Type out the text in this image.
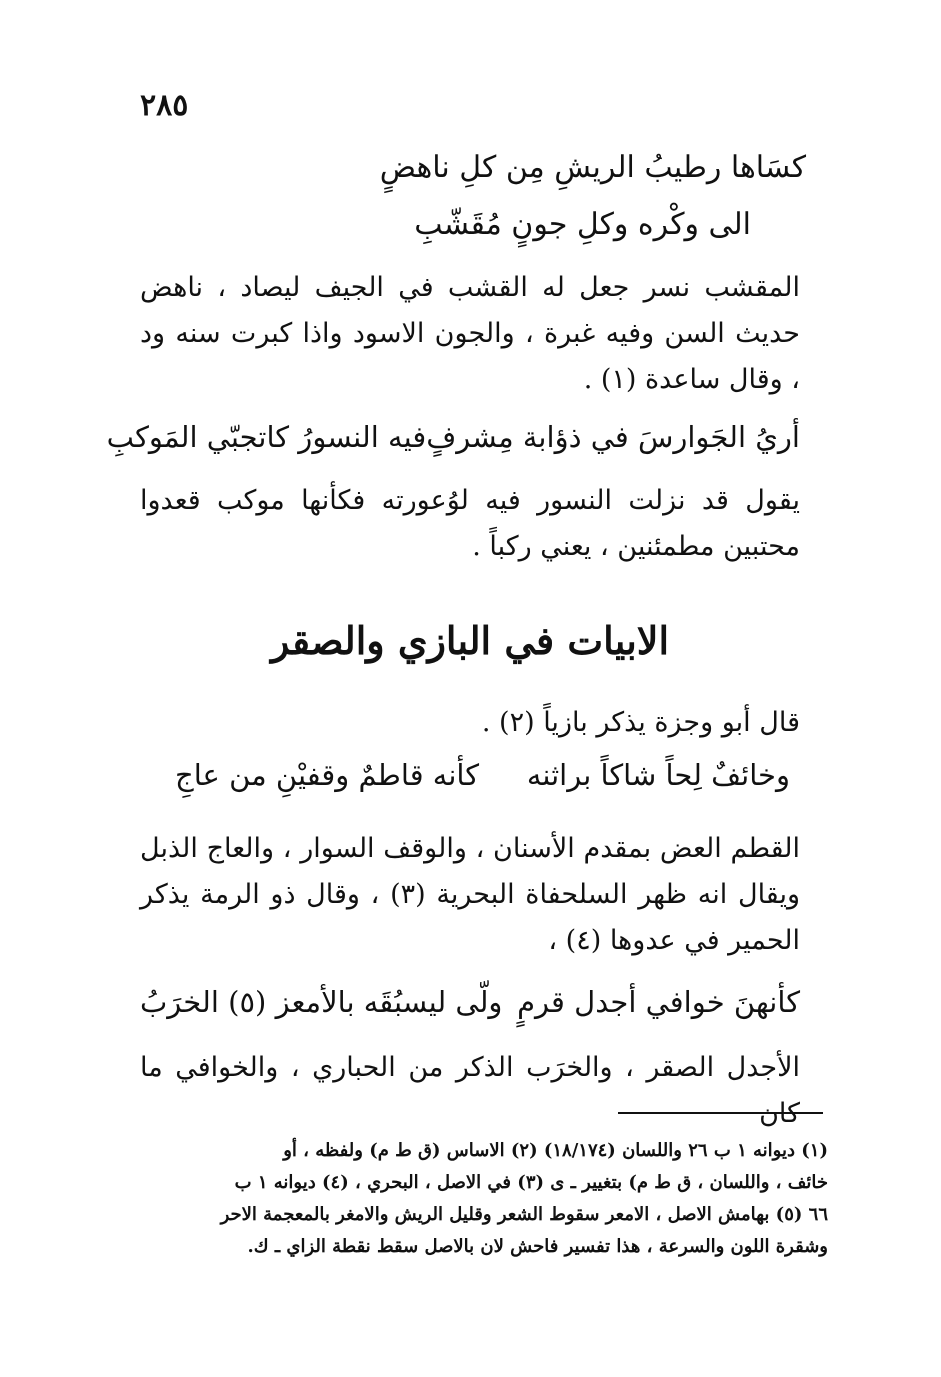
٢٨٥
كسَاها رطيبُ الريشِ مِن كلِ ناهضٍ
الى وكْره وكلِ جونٍ مُقَشّبِ
المقشب نسر جعل له القشب في الجيف ليصاد ، ناهض حديث السن وفيه غبرة ، والجون الاسود واذا كبرت سنه ود ، وقال ساعدة (١) .
أريُ الجَوارسَ في ذؤابة مِشرفٍ
فيه النسورُ كاتجبّي المَوكبِ
يقول قد نزلت النسور فيه لوُعورته فكأنها موكب قعدوا محتبين مطمئنين ، يعني ركباً .
الابيات في البازي والصقر
قال أبو وجزة يذكر بازياً (٢) .
وخائفٌ لِحاً شاكاً براثنه
كأنه قاطمٌ وقفيْنِ من عاجِ
القطم العض بمقدم الأسنان ، والوقف السوار ، والعاج الذبل ويقال انه ظهر السلحفاة البحرية (٣) ، وقال ذو الرمة يذكر الحمير في عدوها (٤) ،
كأنهنَ خوافي أجدل قرمٍ
ولّى ليسبُقَه بالأمعز (٥) الخرَبُ
الأجدل الصقر ، والخرَب الذكر من الحباري ، والخوافي ما كان
(١) ديوانه ١ ب ٢٦ واللسان (١٨/١٧٤) (٢) الاساس (ق ط م) ولفظه ، أو
خائف ، واللسان ، ق ط م) بتغيير ـ ى (٣) في الاصل ، البحري ، (٤) ديوانه ١ ب
٦٦ (٥) بهامش الاصل ، الامعر سقوط الشعر وقليل الريش والامغر بالمعجمة الاحر
وشقرة اللون والسرعة ، هذا تفسير فاحش لان بالاصل سقط نقطة الزاي ـ ك.
